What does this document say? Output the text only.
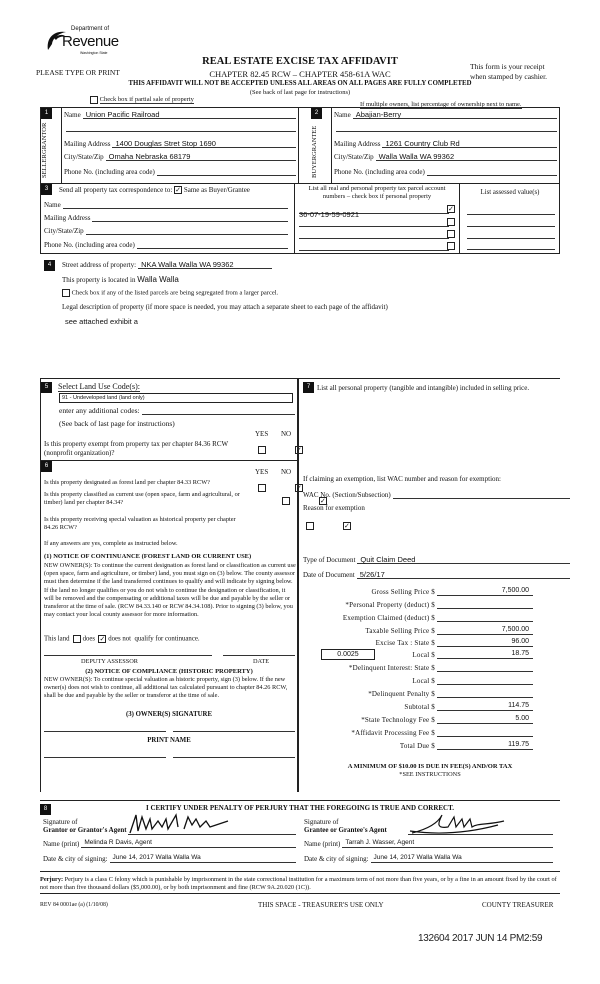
Department of
Revenue
Washington State
PLEASE TYPE OR PRINT
REAL ESTATE EXCISE TAX AFFIDAVIT
CHAPTER 82.45 RCW – CHAPTER 458-61A WAC
This form is your receipt
when stamped by cashier.
THIS AFFIDAVIT WILL NOT BE ACCEPTED UNLESS ALL AREAS ON ALL PAGES ARE FULLY COMPLETED
(See back of last page for instructions)
Check box if partial sale of property
If multiple owners, list percentage of ownership next to name.
1
SELLER
GRANTOR
Name Union Pacific Railroad
Mailing Address 1400 Douglas Stret Stop 1690
City/State/Zip Omaha Nebraska 68179
Phone No. (including area code)
2
BUYER
GRANTEE
Name Abajian-Berry
Mailing Address 1261 Country Club Rd
City/State/Zip Walla Walla WA 99362
Phone No. (including area code)
3	Send all property tax correspondence to: ✓ Same as Buyer/Grantee
Name
Mailing Address
City/State/Zip
Phone No. (including area code)
List all real and personal property tax parcel account numbers – check box if personal property
List assessed value(s)
36-07-19-59-0921
✓
4	Street address of property: NKA Walla Walla WA 99362
This property is located in Walla Walla
Check box if any of the listed parcels are being segregated from a larger parcel.
Legal description of property (if more space is needed, you may attach a separate sheet to each page of the affidavit)
see attached exhibit a
5	Select Land Use Code(s):
91 - Undeveloped land (land only)
enter any additional codes:
(See back of last page for instructions)
YES NO
Is this property exempt from property tax per chapter 84.36 RCW (nonprofit organization)?
✓
6
YES NO
Is this property designated as forest land per chapter 84.33 RCW?
✓
Is this property classified as current use (open space, farm and agricultural, or timber) land per chapter 84.34?
✓
Is this property receiving special valuation as historical property per chapter 84.26 RCW?
✓
If any answers are yes, complete as instructed below.
(1) NOTICE OF CONTINUANCE (FOREST LAND OR CURRENT USE)
NEW OWNER(S): To continue the current designation as forest land or classification as current use (open space, farm and agriculture, or timber) land, you must sign on (3) below. The county assessor must then determine if the land transferred continues to qualify and will indicate by signing below. If the land no longer qualifies or you do not wish to continue the designation or classification, it will be removed and the compensating or additional taxes will be due and payable by the seller or transferor at the time of sale. (RCW 84.33.140 or RCW 84.34.108). Prior to signing (3) below, you may contact your local county assessor for more information.
This land does ✓ does not qualify for continuance.
DEPUTY ASSESSOR	DATE
(2) NOTICE OF COMPLIANCE (HISTORIC PROPERTY)
NEW OWNER(S): To continue special valuation as historic property, sign (3) below. If the new owner(s) does not wish to continue, all additional tax calculated pursuant to chapter 84.26 RCW, shall be due and payable by the seller or transferor at the time of sale.
(3) OWNER(S) SIGNATURE
PRINT NAME
7 List all personal property (tangible and intangible) included in selling price.
If claiming an exemption, list WAC number and reason for exemption:
WAC No. (Section/Subsection)
Reason for exemption
Type of Document Quit Claim Deed
Date of Document 5/26/17
Gross Selling Price $	7,500.00
*Personal Property (deduct) $
Exemption Claimed (deduct) $
Taxable Selling Price $	7,500.00
Excise Tax : State $	96.00
0.0025	Local $	18.75
*Delinquent Interest: State $
Local $
*Delinquent Penalty $
Subtotal $	114.75
*State Technology Fee $	5.00
*Affidavit Processing Fee $
Total Due $	119.75
A MINIMUM OF $10.00 IS DUE IN FEE(S) AND/OR TAX
*SEE INSTRUCTIONS
8	I CERTIFY UNDER PENALTY OF PERJURY THAT THE FOREGOING IS TRUE AND CORRECT.
Signature of
Grantor or Grantor's Agent
Name (print) Melinda R Davis, Agent
Date & city of signing: June 14, 2017 Walla Walla Wa
Signature of
Grantee or Grantee's Agent
Name (print) Tarrah J. Wasser, Agent
Date & city of signing: June 14, 2017 Walla Walla Wa
Perjury: Perjury is a class C felony which is punishable by imprisonment in the state correctional institution for a maximum term of not more than five years, or by a fine in an amount fixed by the court of not more than five thousand dollars ($5,000.00), or by both imprisonment and fine (RCW 9A.20.020 (1C)).
REV 84 0001ae (a) (1/10/08)	THIS SPACE - TREASURER'S USE ONLY	COUNTY TREASURER
132604 2017 JUN 14 PM2:59
